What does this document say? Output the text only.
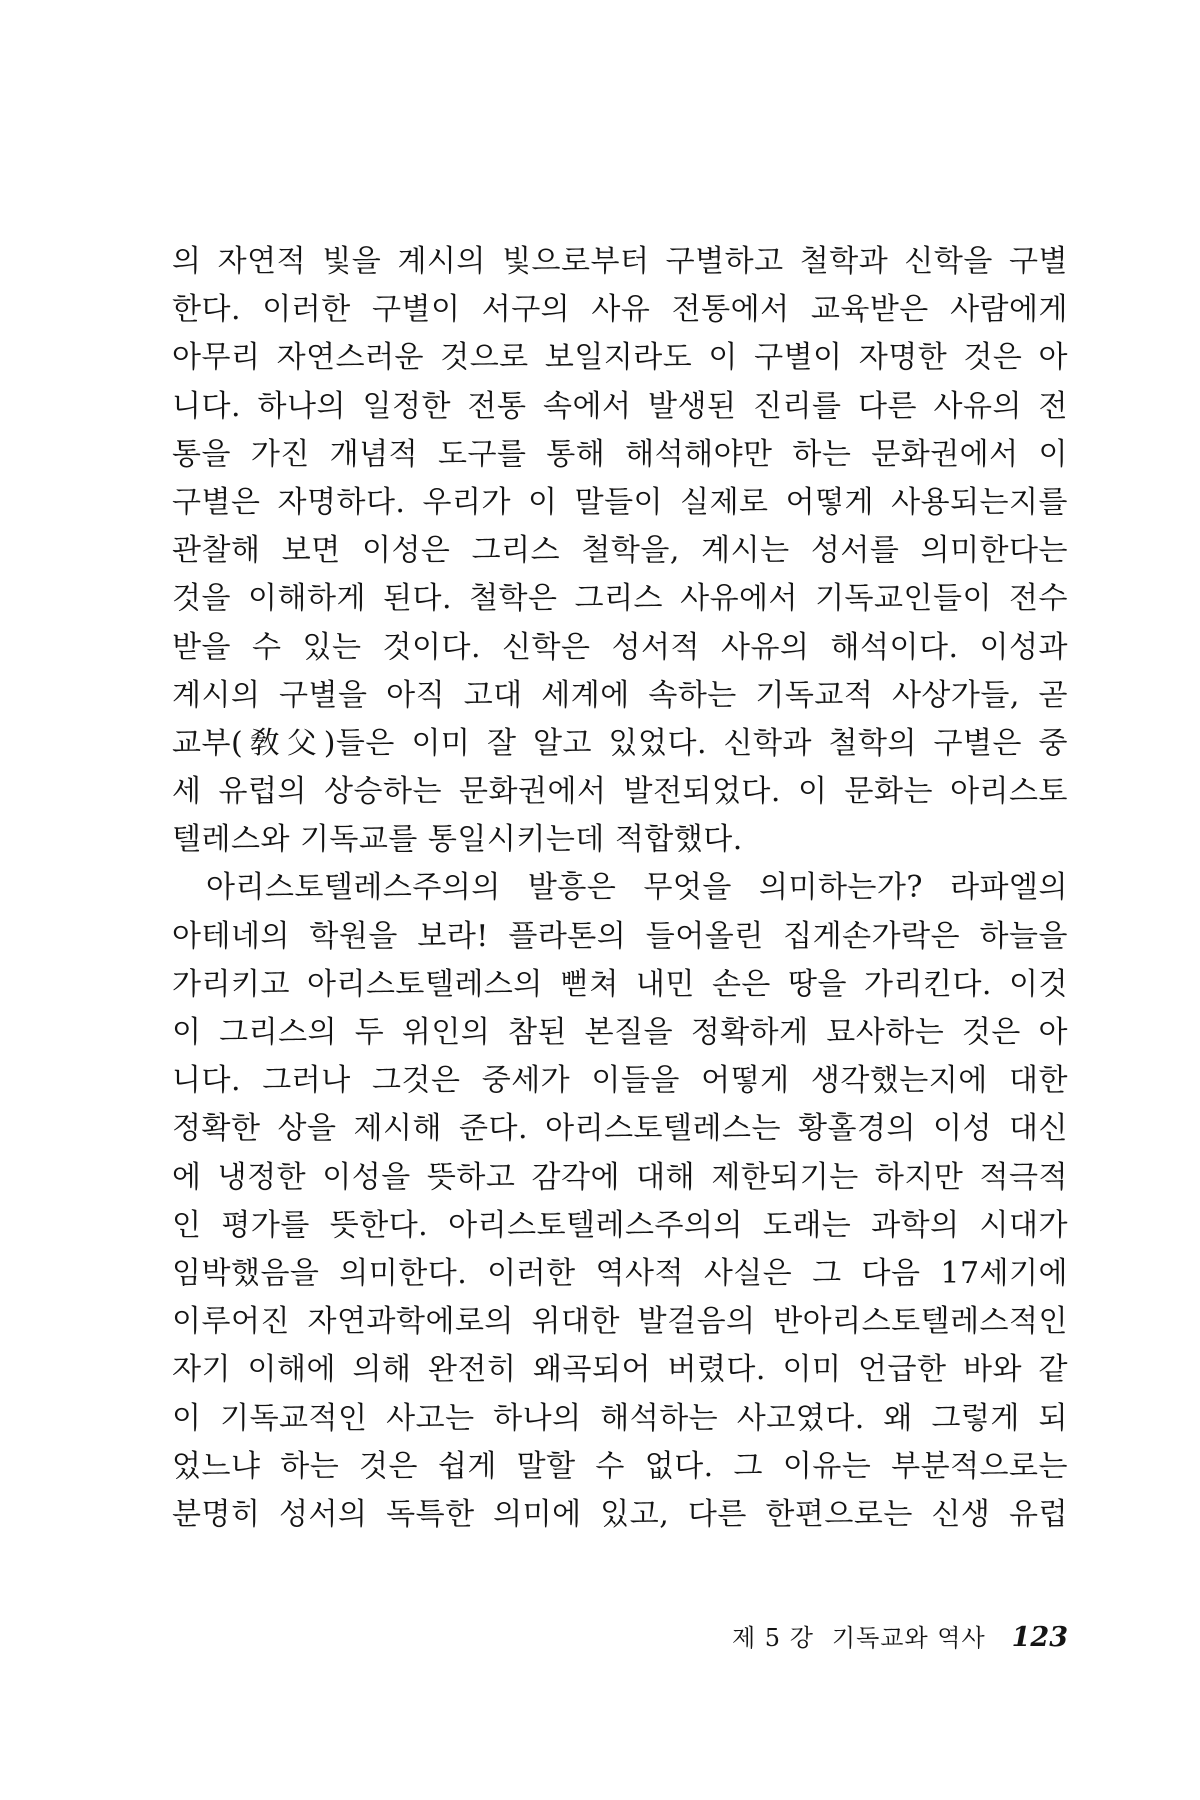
의 자연적 빛을 계시의 빛으로부터 구별하고 철학과 신학을 구별
한다. 이러한 구별이 서구의 사유 전통에서 교육받은 사람에게
아무리 자연스러운 것으로 보일지라도 이 구별이 자명한 것은 아
니다. 하나의 일정한 전통 속에서 발생된 진리를 다른 사유의 전
통을 가진 개념적 도구를 통해 해석해야만 하는 문화권에서 이
구별은 자명하다. 우리가 이 말들이 실제로 어떻게 사용되는지를
관찰해 보면 이성은 그리스 철학을, 계시는 성서를 의미한다는
것을 이해하게 된다. 철학은 그리스 사유에서 기독교인들이 전수
받을 수 있는 것이다. 신학은 성서적 사유의 해석이다. 이성과
계시의 구별을 아직 고대 세계에 속하는 기독교적 사상가들, 곧
교부(敎父)들은 이미 잘 알고 있었다. 신학과 철학의 구별은 중
세 유럽의 상승하는 문화권에서 발전되었다. 이 문화는 아리스토
텔레스와 기독교를 통일시키는데 적합했다.
아리스토텔레스주의의 발흥은 무엇을 의미하는가? 라파엘의
아테네의 학원을 보라! 플라톤의 들어올린 집게손가락은 하늘을
가리키고 아리스토텔레스의 뻗쳐 내민 손은 땅을 가리킨다. 이것
이 그리스의 두 위인의 참된 본질을 정확하게 묘사하는 것은 아
니다. 그러나 그것은 중세가 이들을 어떻게 생각했는지에 대한
정확한 상을 제시해 준다. 아리스토텔레스는 황홀경의 이성 대신
에 냉정한 이성을 뜻하고 감각에 대해 제한되기는 하지만 적극적
인 평가를 뜻한다. 아리스토텔레스주의의 도래는 과학의 시대가
임박했음을 의미한다. 이러한 역사적 사실은 그 다음 17세기에
이루어진 자연과학에로의 위대한 발걸음의 반아리스토텔레스적인
자기 이해에 의해 완전히 왜곡되어 버렸다. 이미 언급한 바와 같
이 기독교적인 사고는 하나의 해석하는 사고였다. 왜 그렇게 되
었느냐 하는 것은 쉽게 말할 수 없다. 그 이유는 부분적으로는
분명히 성서의 독특한 의미에 있고, 다른 한편으로는 신생 유럽
제 5 강 기독교와 역사 123
